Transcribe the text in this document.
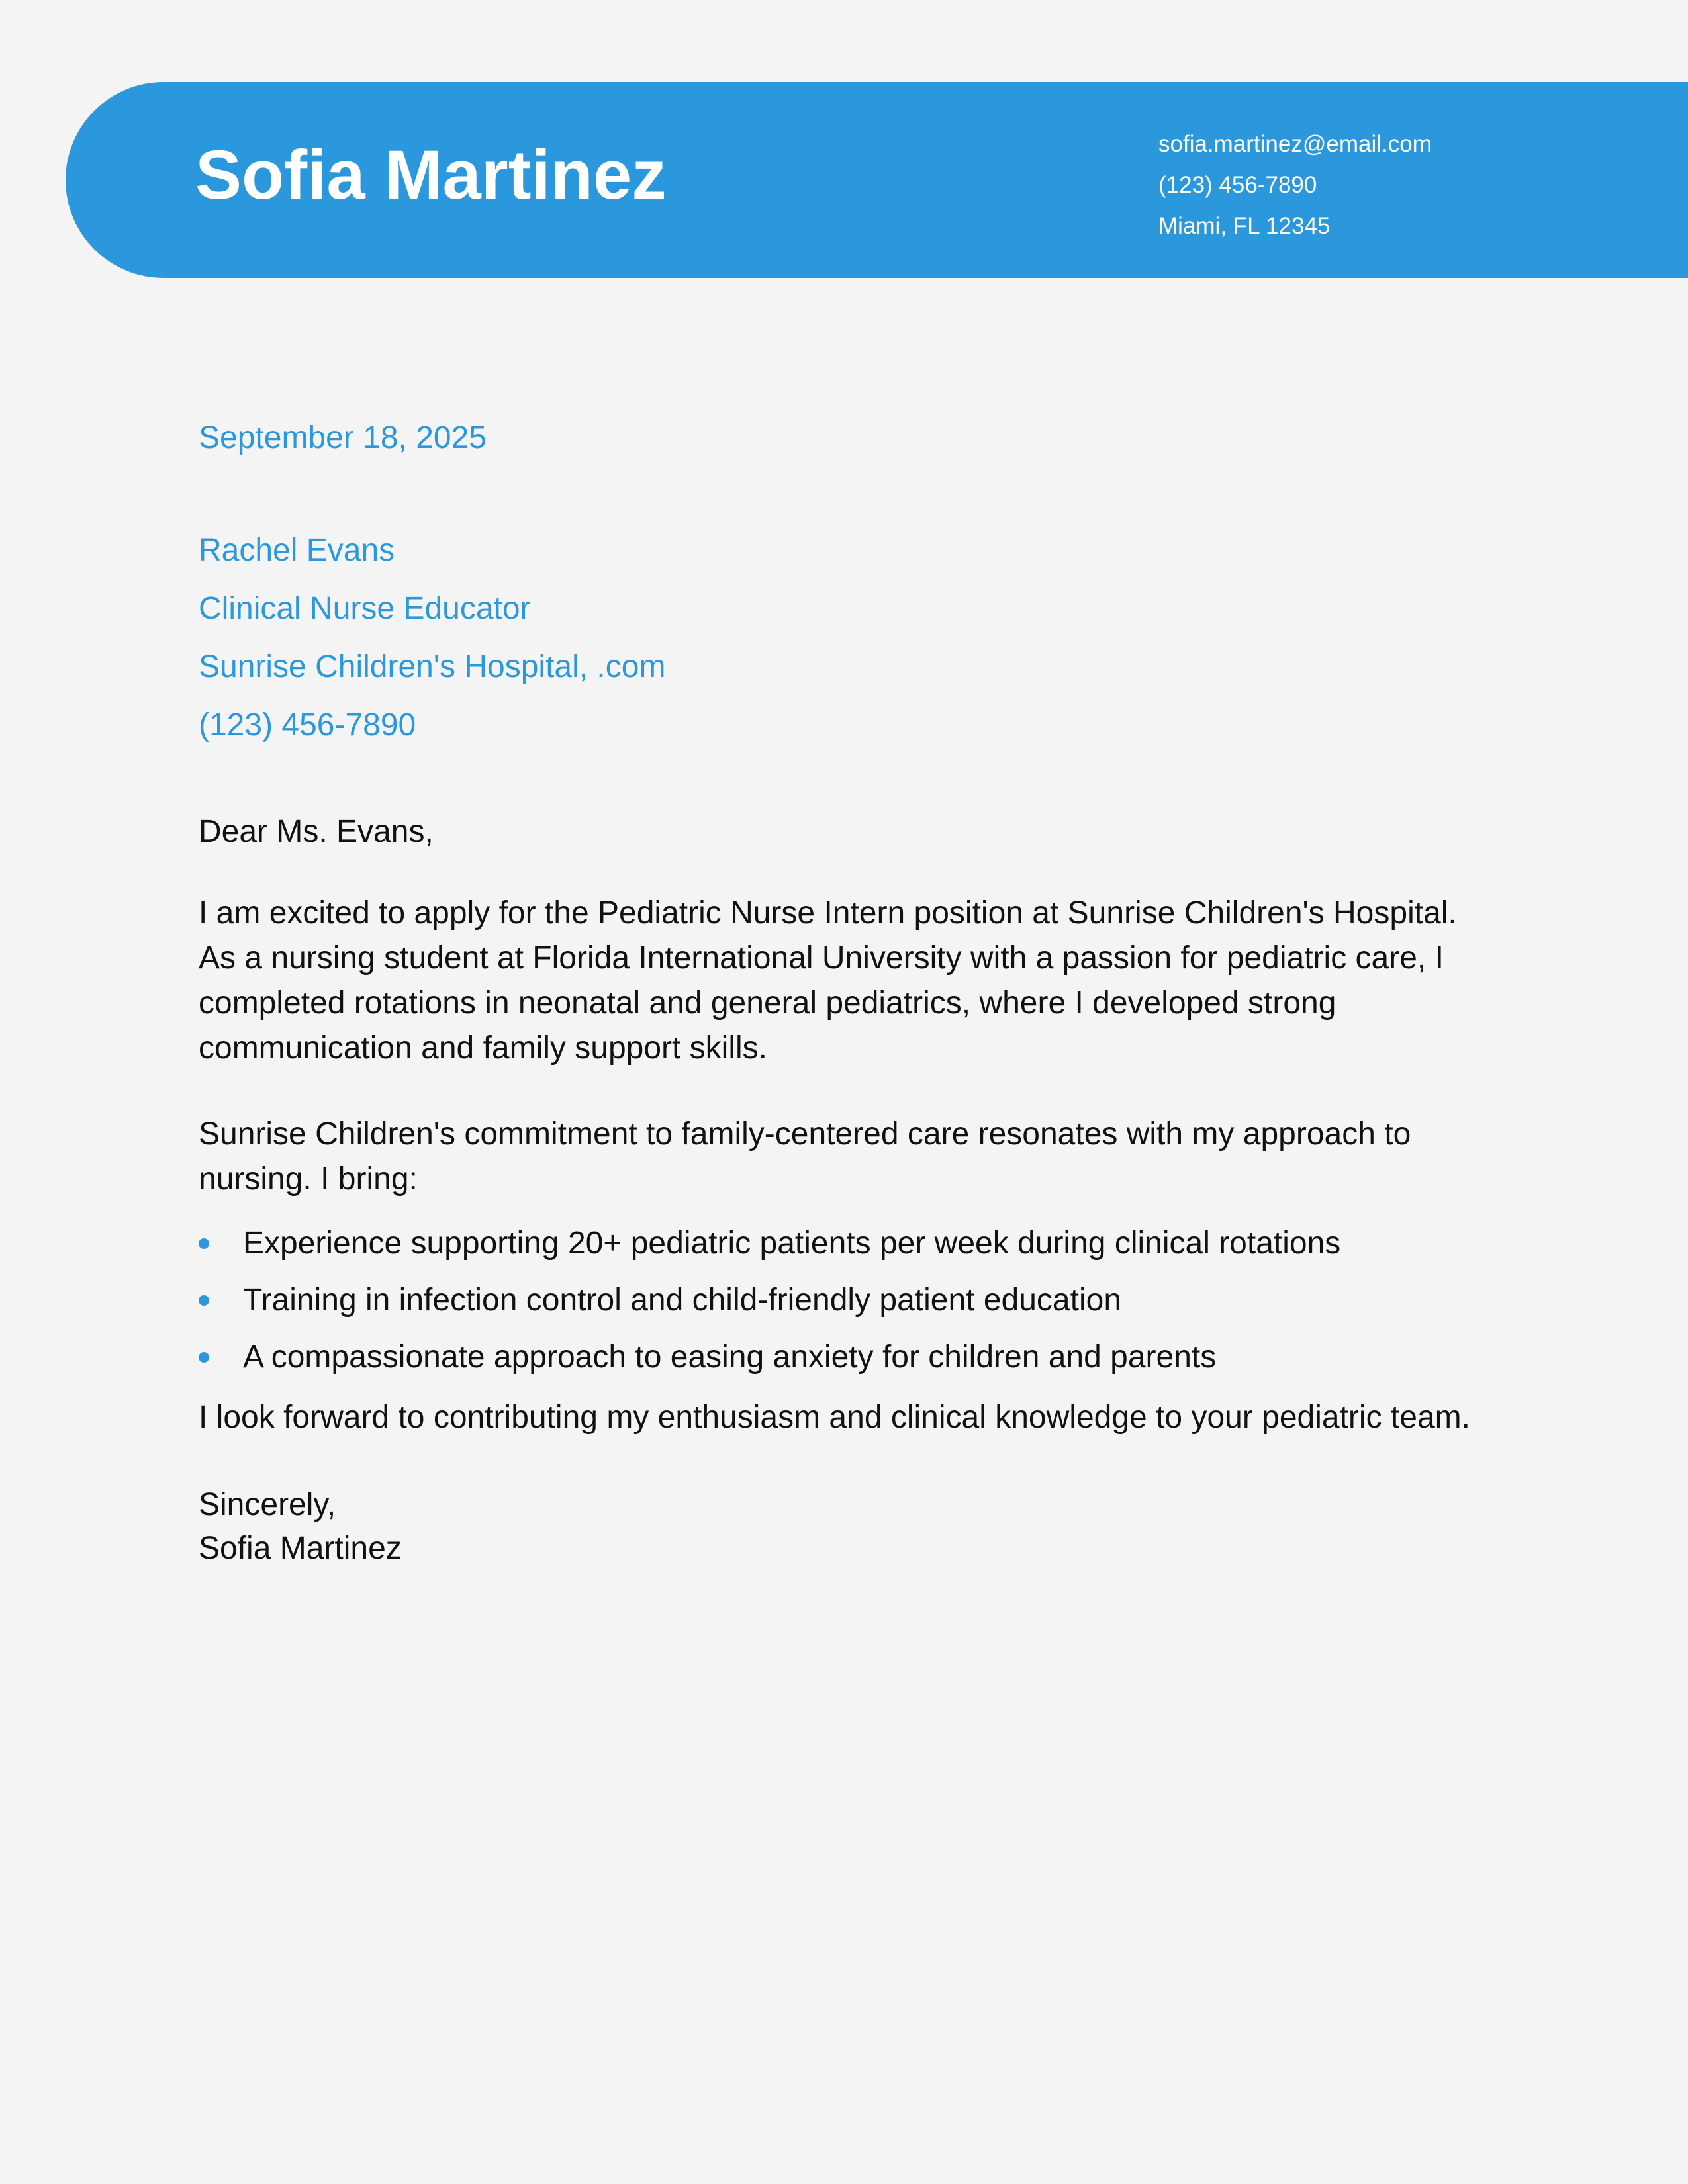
Sofia Martinez	sofia.martinez@email.com
(123) 456-7890
Miami, FL 12345
September 18, 2025
Rachel Evans
Clinical Nurse Educator
Sunrise Children's Hospital, .com
(123) 456-7890
Dear Ms. Evans,

I am excited to apply for the Pediatric Nurse Intern position at Sunrise Children's Hospital. As a nursing student at Florida International University with a passion for pediatric care, I completed rotations in neonatal and general pediatrics, where I developed strong communication and family support skills.

Sunrise Children's commitment to family-centered care resonates with my approach to nursing. I bring:

Experience supporting 20+ pediatric patients per week during clinical rotations
Training in infection control and child-friendly patient education
A compassionate approach to easing anxiety for children and parents

I look forward to contributing my enthusiasm and clinical knowledge to your pediatric team.

Sincerely,
Sofia Martinez
